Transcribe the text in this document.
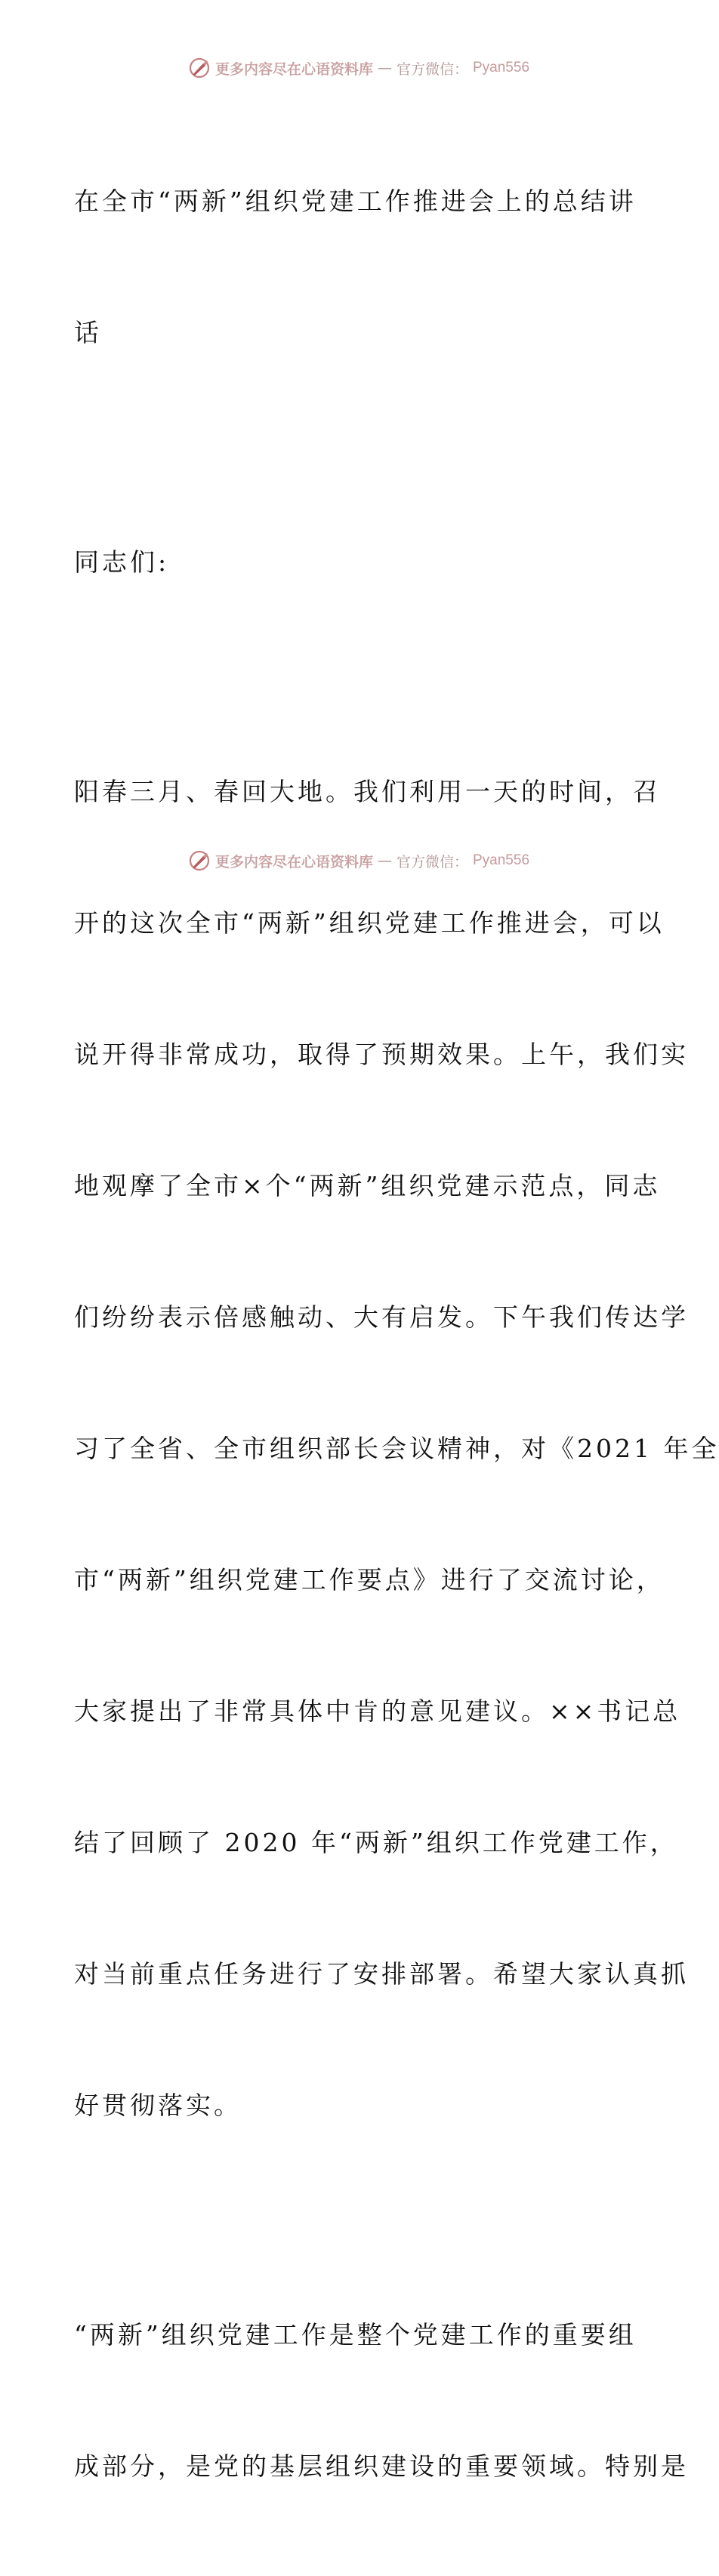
更多内容尽在心语资料库 — 官方微信： Pyan556

在全市“两新”组织党建工作推进会上的总结讲

话

同志们:

阳春三月、春回大地。我们利用一天的时间，召

开的这次全市“两新”组织党建工作推进会，可以

说开得非常成功，取得了预期效果。上午，我们实

地观摩了全市×个“两新”组织党建示范点，同志

们纷纷表示倍感触动、大有启发。下午我们传达学

习了全省、全市组织部长会议精神，对《2021 年全

市“两新”组织党建工作要点》进行了交流讨论，

大家提出了非常具体中肯的意见建议。××书记总

结了回顾了 2020 年“两新”组织工作党建工作，

对当前重点任务进行了安排部署。希望大家认真抓

好贯彻落实。

“两新”组织党建工作是整个党建工作的重要组

成部分，是党的基层组织建设的重要领域。特别是

更多内容尽在心语资料库 — 官方微信： Pyan556
